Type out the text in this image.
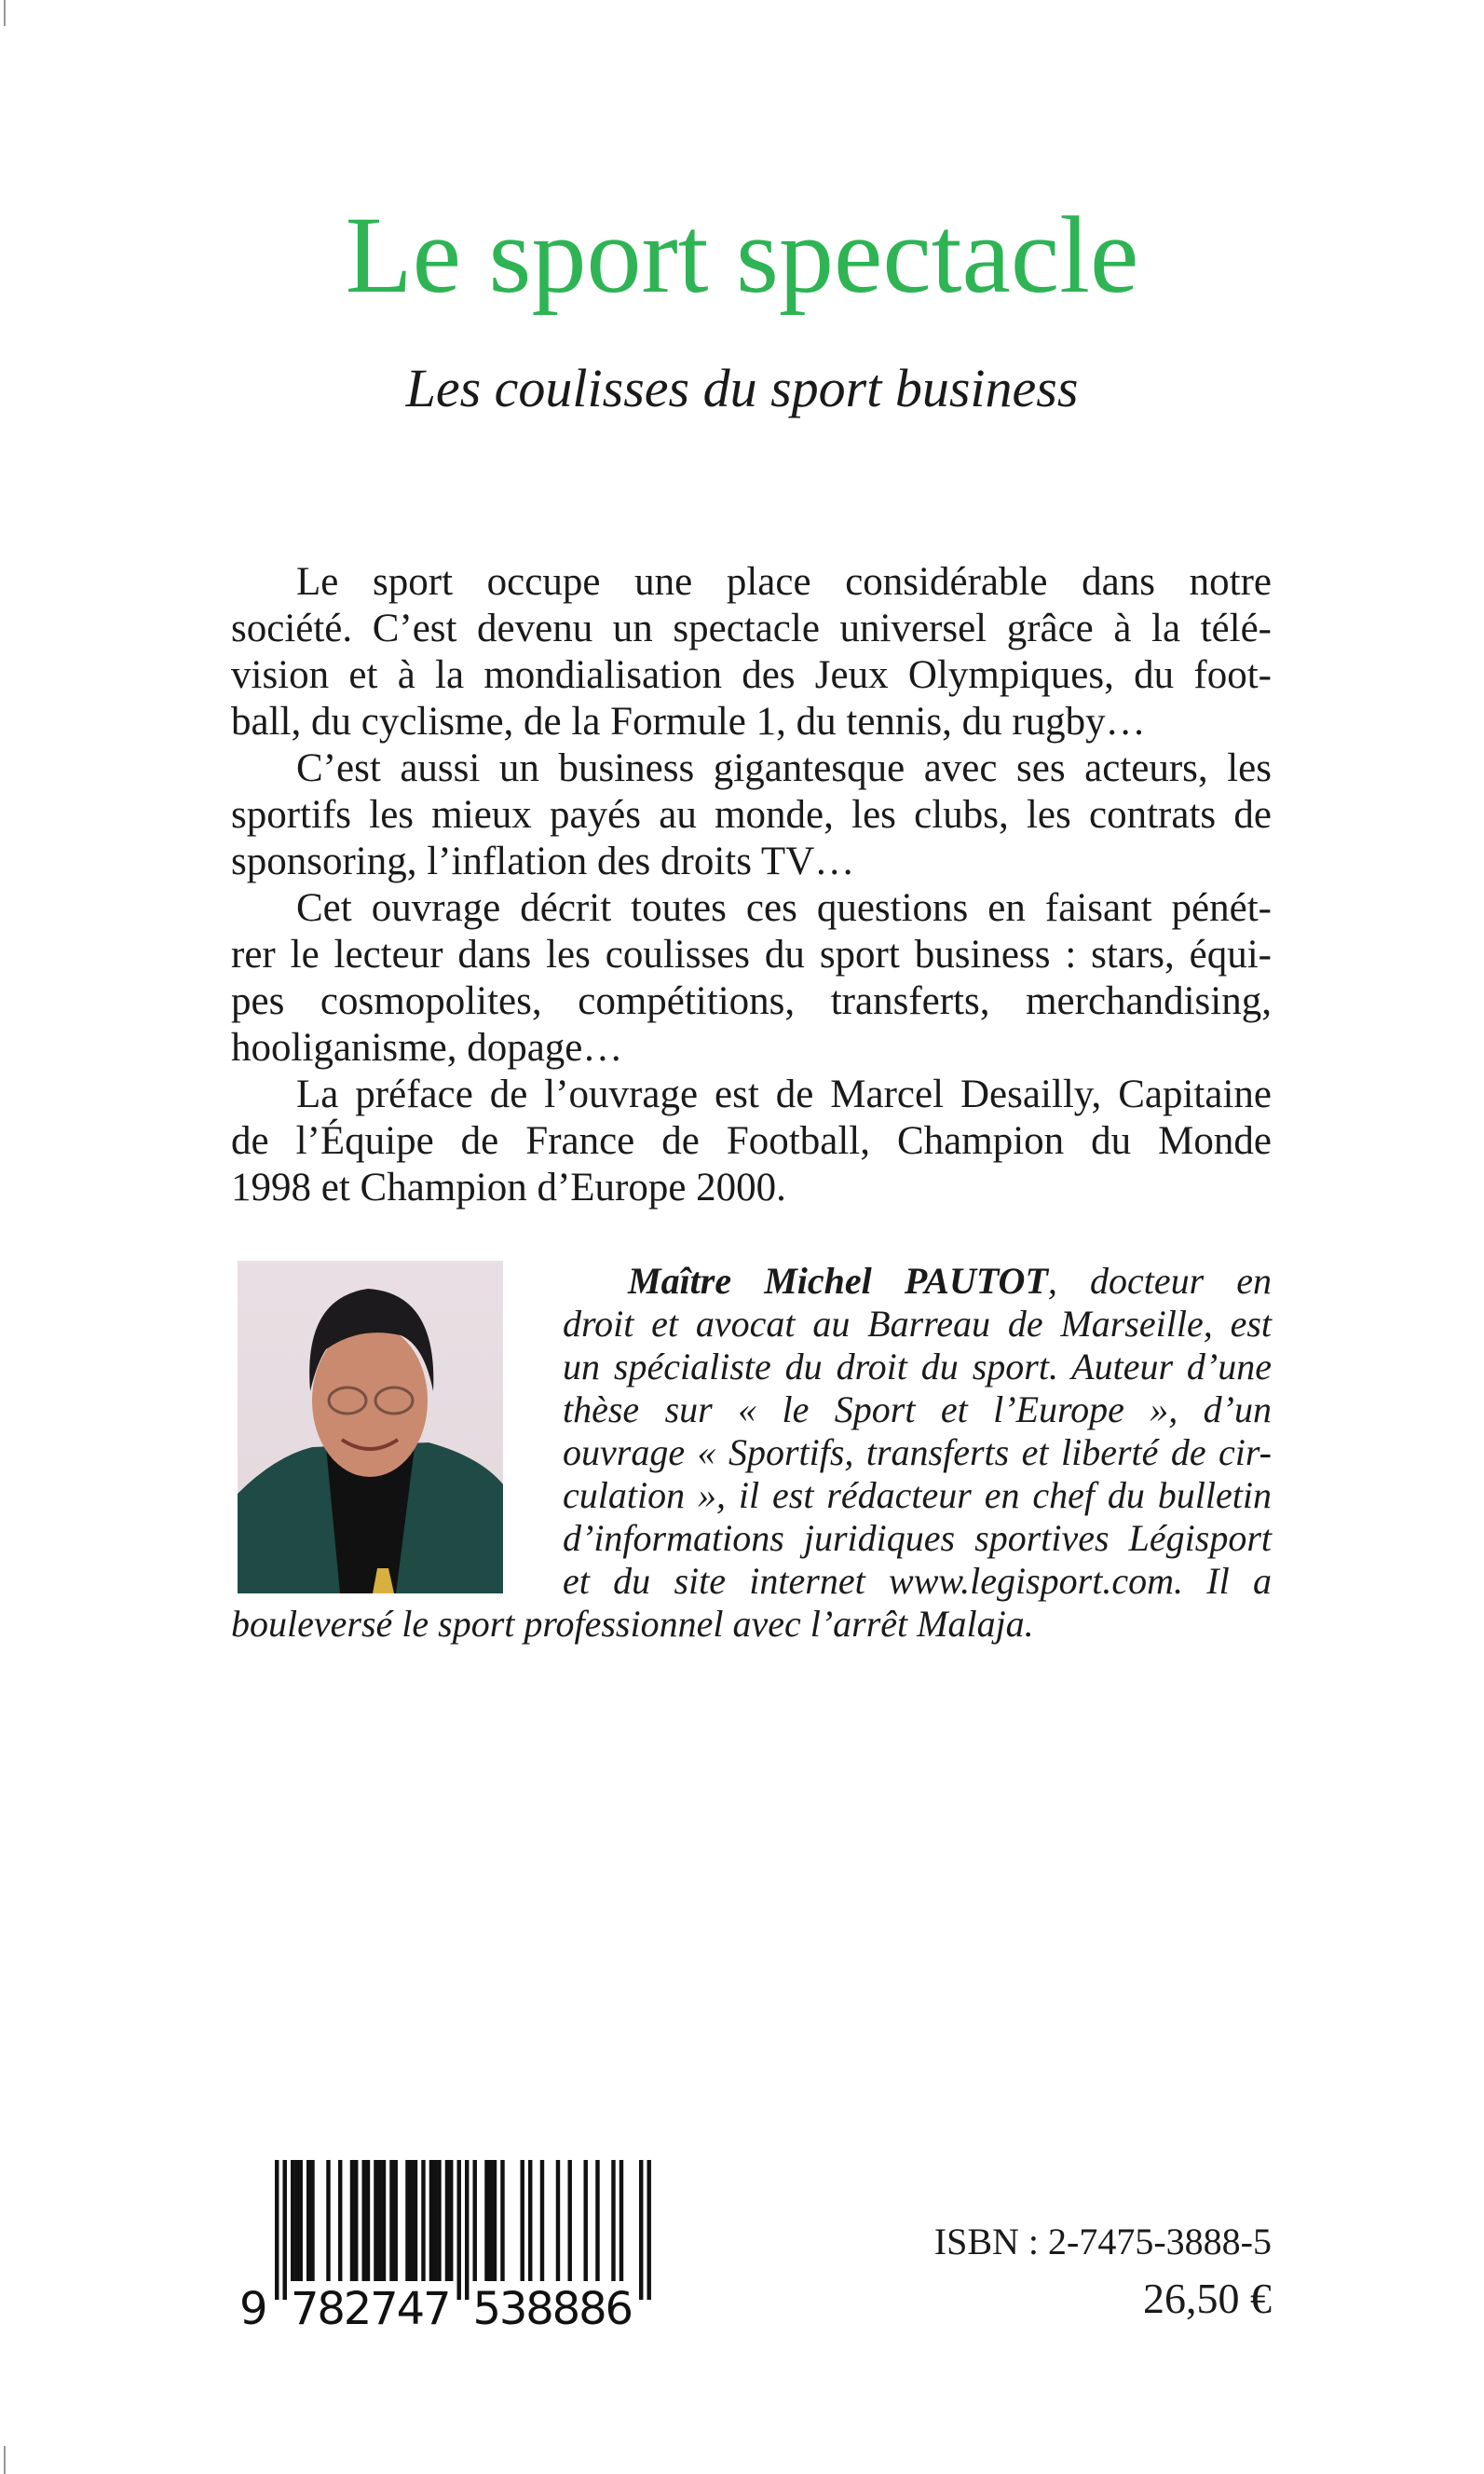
Le sport spectacle
Les coulisses du sport business
Le sport occupe une place considérable dans notre
société. C’est devenu un spectacle universel grâce à la télé-
vision et à la mondialisation des Jeux Olympiques, du foot-
ball, du cyclisme, de la Formule 1, du tennis, du rugby…
C’est aussi un business gigantesque avec ses acteurs, les
sportifs les mieux payés au monde, les clubs, les contrats de
sponsoring, l’inflation des droits TV…
Cet ouvrage décrit toutes ces questions en faisant pénét-
rer le lecteur dans les coulisses du sport business : stars, équi-
pes cosmopolites, compétitions, transferts, merchandising,
hooliganisme, dopage…
La préface de l’ouvrage est de Marcel Desailly, Capitaine
de l’Équipe de France de Football, Champion du Monde
1998 et Champion d’Europe 2000.
Maître Michel PAUTOT, docteur en
droit et avocat au Barreau de Marseille, est
un spécialiste du droit du sport. Auteur d’une
thèse sur « le Sport et l’Europe », d’un
ouvrage « Sportifs, transferts et liberté de cir-
culation », il est rédacteur en chef du bulletin
d’informations juridiques sportives Légisport
et du site internet www.legisport.com. Il a
bouleversé le sport professionnel avec l’arrêt Malaja.
9 782747 538886
ISBN : 2-7475-3888-5
26,50 €
